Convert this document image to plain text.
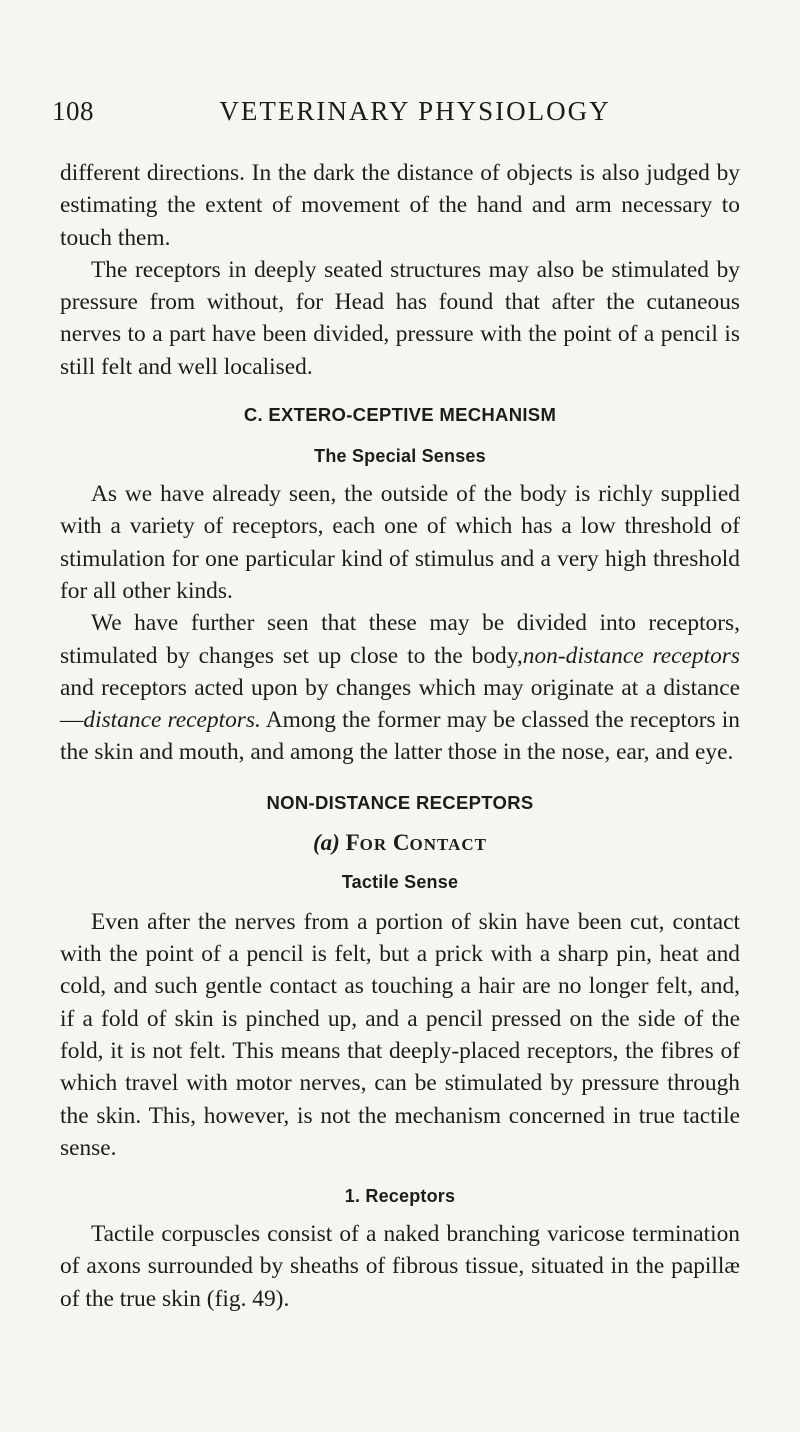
108	VETERINARY PHYSIOLOGY

different directions. In the dark the distance of objects is also judged by estimating the extent of movement of the hand and arm necessary to touch them.

The receptors in deeply seated structures may also be stimulated by pressure from without, for Head has found that after the cutaneous nerves to a part have been divided, pressure with the point of a pencil is still felt and well localised.

C. EXTERO-CEPTIVE MECHANISM
The Special Senses

As we have already seen, the outside of the body is richly supplied with a variety of receptors, each one of which has a low threshold of stimulation for one particular kind of stimulus and a very high threshold for all other kinds.

We have further seen that these may be divided into receptors, stimulated by changes set up close to the body,non-distance receptors and receptors acted upon by changes which may originate at a distance—distance receptors. Among the former may be classed the receptors in the skin and mouth, and among the latter those in the nose, ear, and eye.

NON-DISTANCE RECEPTORS
(a) FOR CONTACT
Tactile Sense

Even after the nerves from a portion of skin have been cut, contact with the point of a pencil is felt, but a prick with a sharp pin, heat and cold, and such gentle contact as touching a hair are no longer felt, and, if a fold of skin is pinched up, and a pencil pressed on the side of the fold, it is not felt. This means that deeply-placed receptors, the fibres of which travel with motor nerves, can be stimulated by pressure through the skin. This, however, is not the mechanism concerned in true tactile sense.

1. Receptors

Tactile corpuscles consist of a naked branching varicose termination of axons surrounded by sheaths of fibrous tissue, situated in the papillæ of the true skin (fig. 49).
